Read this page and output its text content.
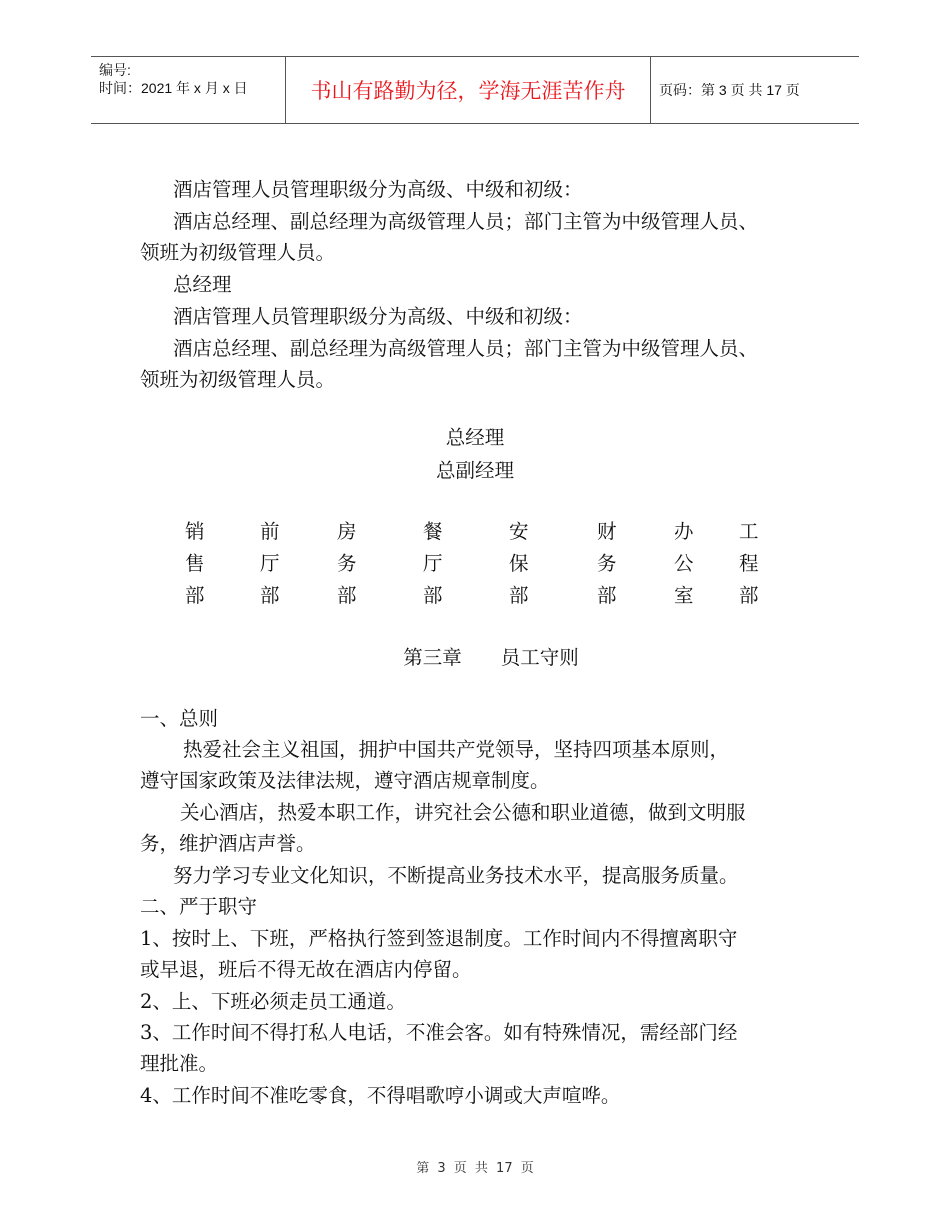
编号:
时间：2021 年 x 月 x 日	书山有路勤为径，学海无涯苦作舟	页码：第 3 页 共 17 页
酒店管理人员管理职级分为高级、中级和初级：
酒店总经理、副总经理为高级管理人员；部门主管为中级管理人员、
领班为初级管理人员。
总经理
酒店管理人员管理职级分为高级、中级和初级：
酒店总经理、副总经理为高级管理人员；部门主管为中级管理人员、
领班为初级管理人员。
总经理
总副经理
销
售
部
前
厅
部
房
务
部
餐
厅
部
安
保
部
财
务
部
办
公
室
工
程
部
第三章　　员工守则
一、总则
热爱社会主义祖国，拥护中国共产党领导，坚持四项基本原则，
遵守国家政策及法律法规，遵守酒店规章制度。
关心酒店，热爱本职工作，讲究社会公德和职业道德，做到文明服
务，维护酒店声誉。
努力学习专业文化知识，不断提高业务技术水平，提高服务质量。
二、严于职守
1、按时上、下班，严格执行签到签退制度。工作时间内不得擅离职守
或早退，班后不得无故在酒店内停留。
2、上、下班必须走员工通道。
3、工作时间不得打私人电话，不准会客。如有特殊情况，需经部门经
理批准。
4、工作时间不准吃零食，不得唱歌哼小调或大声喧哗。
第 3 页 共 17 页
